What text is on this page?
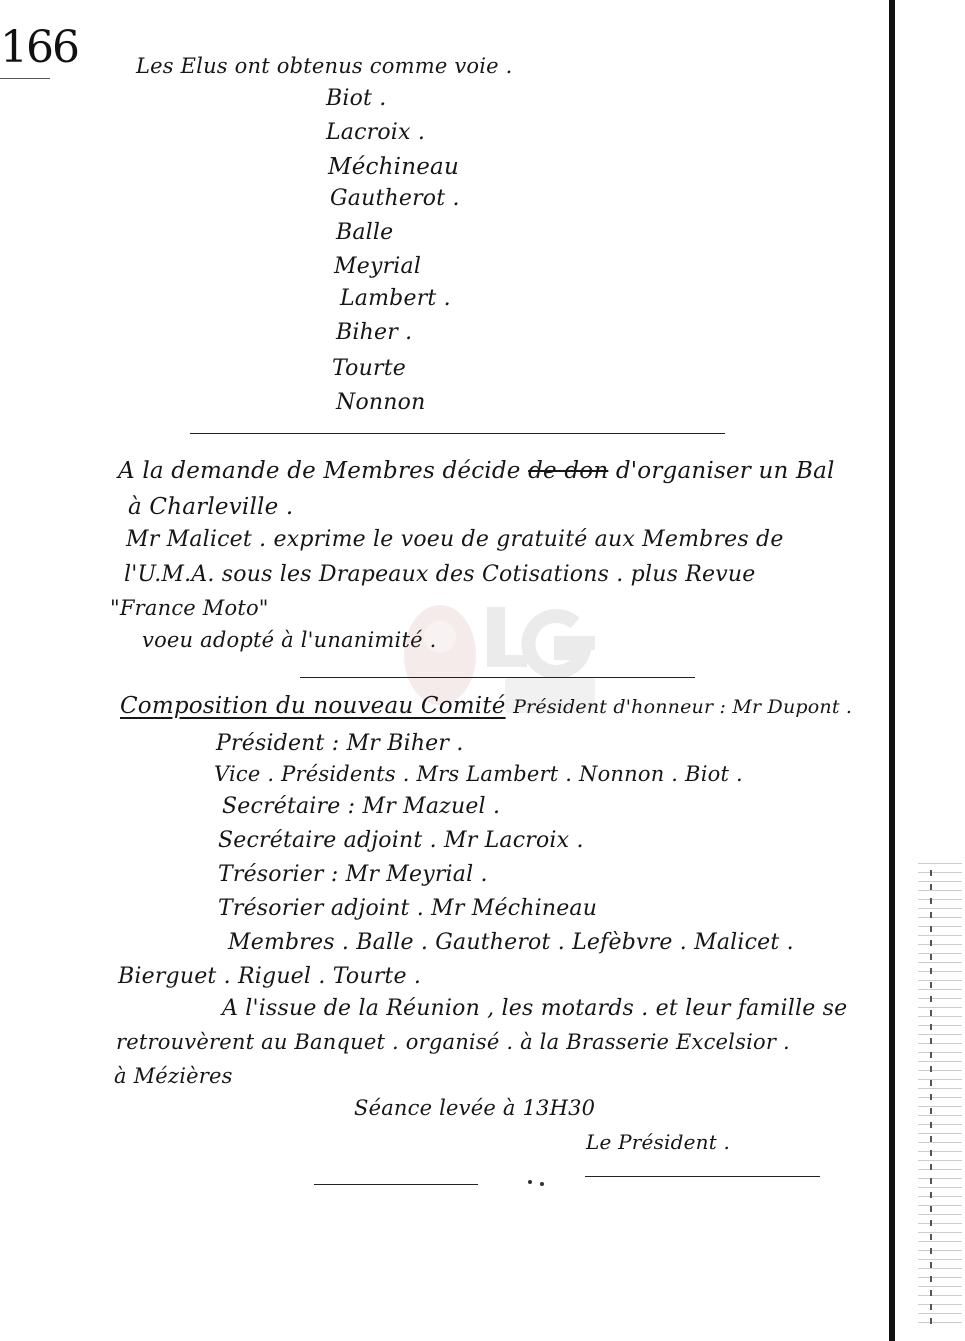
166	Les Elus ont obtenus comme voie .
Biot .
Lacroix .
Méchineau
Gautherot .
Balle
Meyrial
Lambert .
Biher .
Tourte
Nonnon
A la demande de Membres décide de don d'organiser un Bal
à Charleville .
Mr Malicet . exprime le voeu de gratuité aux Membres de
l'U.M.A. sous les Drapeaux des Cotisations . plus Revue
"France Moto"
voeu adopté à l'unanimité .
Composition du nouveau Comité Président d'honneur : Mr Dupont .
Président : Mr Biher .
Vice . Présidents . Mrs Lambert . Nonnon . Biot .
Secrétaire : Mr Mazuel .
Secrétaire adjoint . Mr Lacroix .
Trésorier : Mr Meyrial .
Trésorier adjoint . Mr Méchineau
Membres . Balle . Gautherot . Lefèbvre . Malicet .
Bierguet . Riguel . Tourte .
A l'issue de la Réunion , les motards . et leur famille se
retrouvèrent au Banquet . organisé . à la Brasserie Excelsior .
à Mézières
Séance levée à 13H30
Le Président .
